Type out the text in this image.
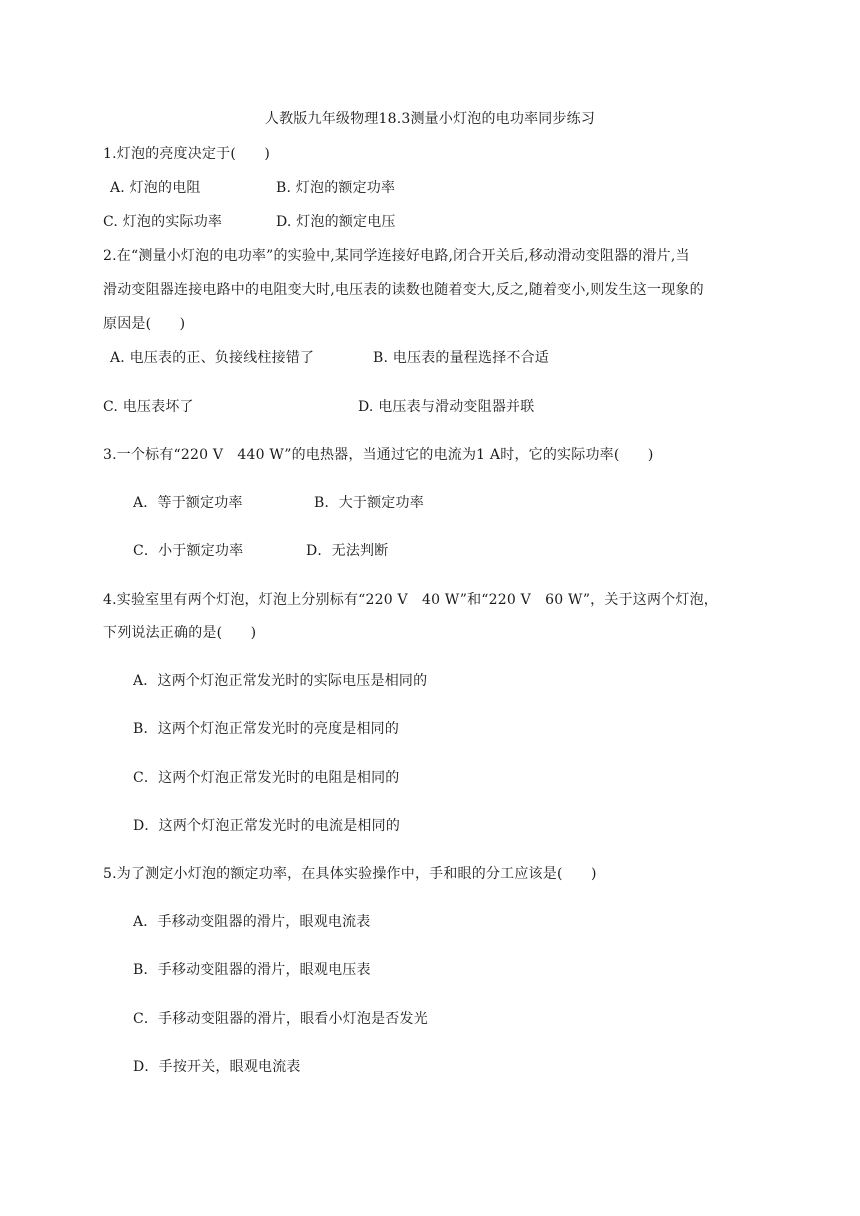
人教版九年级物理18.3测量小灯泡的电功率同步练习
1.灯泡的亮度决定于(　　)
A. 灯泡的电阻	B. 灯泡的额定功率
C. 灯泡的实际功率	D. 灯泡的额定电压
2.在“测量小灯泡的电功率”的实验中,某同学连接好电路,闭合开关后,移动滑动变阻器的滑片,当
滑动变阻器连接电路中的电阻变大时,电压表的读数也随着变大,反之,随着变小,则发生这一现象的
原因是(　　)
A. 电压表的正、负接线柱接错了	B. 电压表的量程选择不合适
C. 电压表坏了	D. 电压表与滑动变阻器并联
3.一个标有“220 V　440 W”的电热器，当通过它的电流为1 A时，它的实际功率(　　)
A．等于额定功率	B．大于额定功率
C．小于额定功率	D．无法判断
4.实验室里有两个灯泡，灯泡上分别标有“220 V　40 W”和“220 V　60 W”，关于这两个灯泡，
下列说法正确的是(　　)
A．这两个灯泡正常发光时的实际电压是相同的
B．这两个灯泡正常发光时的亮度是相同的
C．这两个灯泡正常发光时的电阻是相同的
D．这两个灯泡正常发光时的电流是相同的
5.为了测定小灯泡的额定功率，在具体实验操作中，手和眼的分工应该是(　　)
A．手移动变阻器的滑片，眼观电流表
B．手移动变阻器的滑片，眼观电压表
C．手移动变阻器的滑片，眼看小灯泡是否发光
D．手按开关，眼观电流表
